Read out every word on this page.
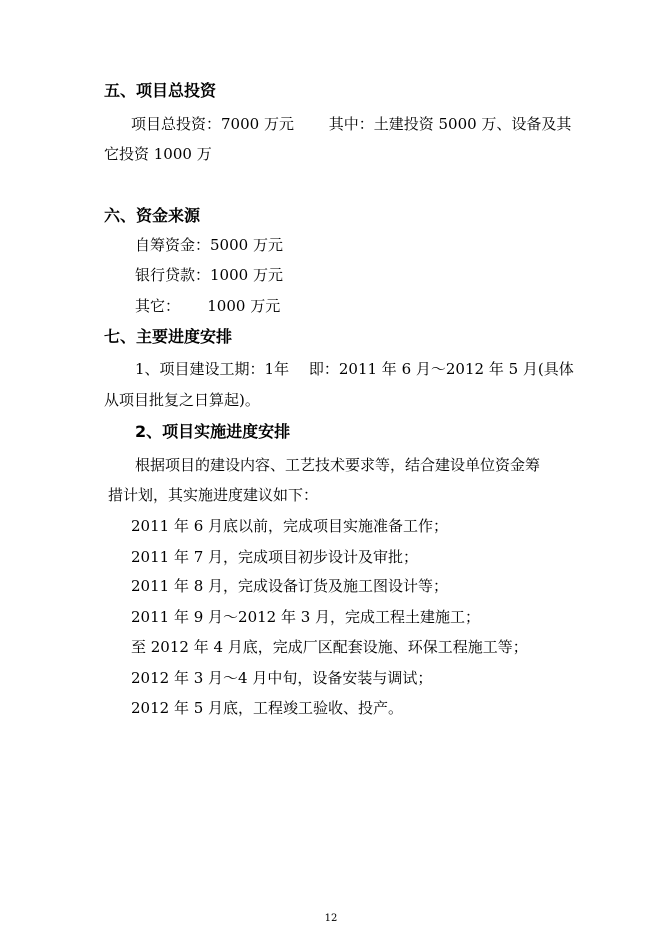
五、项目总投资
项目总投资：7000 万元 　　其中：土建投资 5000 万、设备及其
它投资 1000 万
六、资金来源
自筹资金：5000 万元
银行贷款：1000 万元
其它：　　 1000 万元
七、主要进度安排
1、项目建设工期：1年　 即：2011 年 6 月～2012 年 5 月(具体
从项目批复之日算起)。
2、项目实施进度安排
根据项目的建设内容、工艺技术要求等，结合建设单位资金筹
措计划，其实施进度建议如下：
2011 年 6 月底以前，完成项目实施准备工作；
2011 年 7 月，完成项目初步设计及审批；
2011 年 8 月，完成设备订货及施工图设计等；
2011 年 9 月～2012 年 3 月，完成工程土建施工；
至 2012 年 4 月底，完成厂区配套设施、环保工程施工等；
2012 年 3 月～4 月中旬，设备安装与调试；
2012 年 5 月底，工程竣工验收、投产。
12
